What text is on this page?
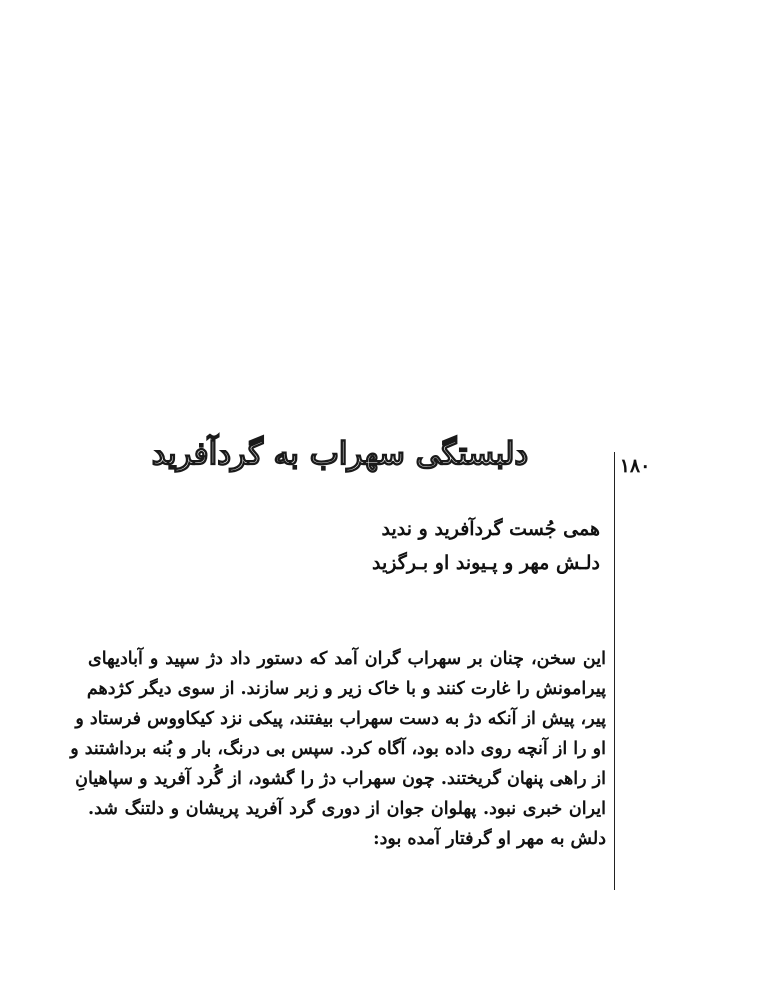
۱۸۰
دلبستگی سهراب به گردآفرید
همی جُست گردآفرید و ندید
دلـش مهر و پـیوند او بـرگزید
این سخن، چنان بر سهراب گران آمد که دستور داد دژ سپید و آبادیهای
پیرامونش را غارت کنند و با خاک زیر و زبر سازند. از سوی دیگر کژدهم
پیر، پیش از آنکه دژ به دست سهراب بیفتند، پیکی نزد کیکاووس فرستاد و
او را از آنچه روی داده بود، آگاه کرد. سپس بی درنگ، بار و بُنه برداشتند و
از راهی پنهان گریختند. چون سهراب دژ را گشود، از گُرد آفرید و سپاهیانِ
ایران خبری نبود. پهلوان جوان از دوری گرد آفرید پریشان و دلتنگ شد.
دلش به مهر او گرفتار آمده بود:
